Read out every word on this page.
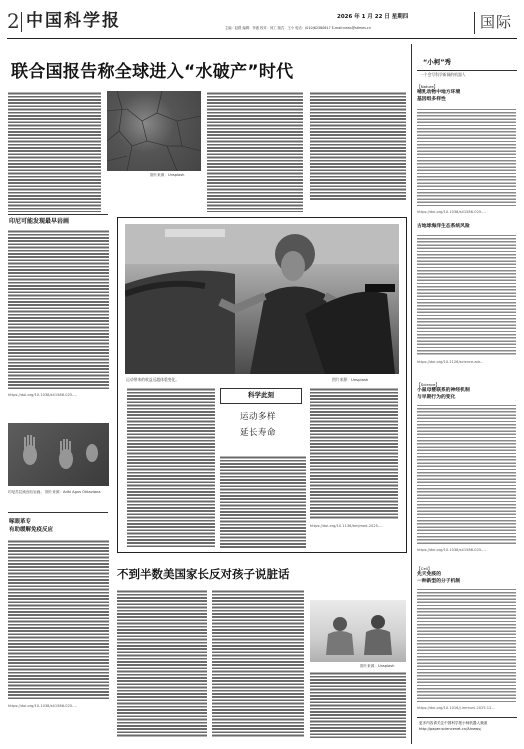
2 中国科学报	2026 年 1 月 22 日 星期四
主编：赵路 编辑：李惠 校对：何工 版式：王小 电话：(010)62580617 E-mail:news@stimes.cn	国际
联合国报告称全球进入“水破产”时代
图片来源：Unsplash
印尼可能发现最早岩画
https://doi.org/10.1038/s41586-025-...
印尼苏拉威西岛岩画。 图片来源：Adhi Agus Oktaviana
啄眼革专
有助缓解免疫反应
https://doi.org/10.1038/s41586-025-...
运动带来的收益远超体重变化。	图片来源：Unsplash
科学此刻
运动多样
延长寿命
https://doi.org/10.1136/bmjmed-2025-...
不到半数美国家长反对孩子说脏话
图片来源：Unsplash
“小柯”秀
一个会写科学新闻的机器人
【Nature】
哺乳动物中地方环境
基因组多样性
https://doi.org/10.1038/s41586-025-...
古地球海洋生态系统风险
https://doi.org/10.1126/science.adr...
【Science】
小鼠母婴联系的神经机制
与早期行为的变化
https://doi.org/10.1038/s41586-025-...
【Cell】
先天免疫的
一种新型的分子机制
https://doi.org/10.1016/j.immuni.2025.12...
更多内容请关注中国科学报小柯机器人频道
http://paper.sciencenet.cn/AInews/
